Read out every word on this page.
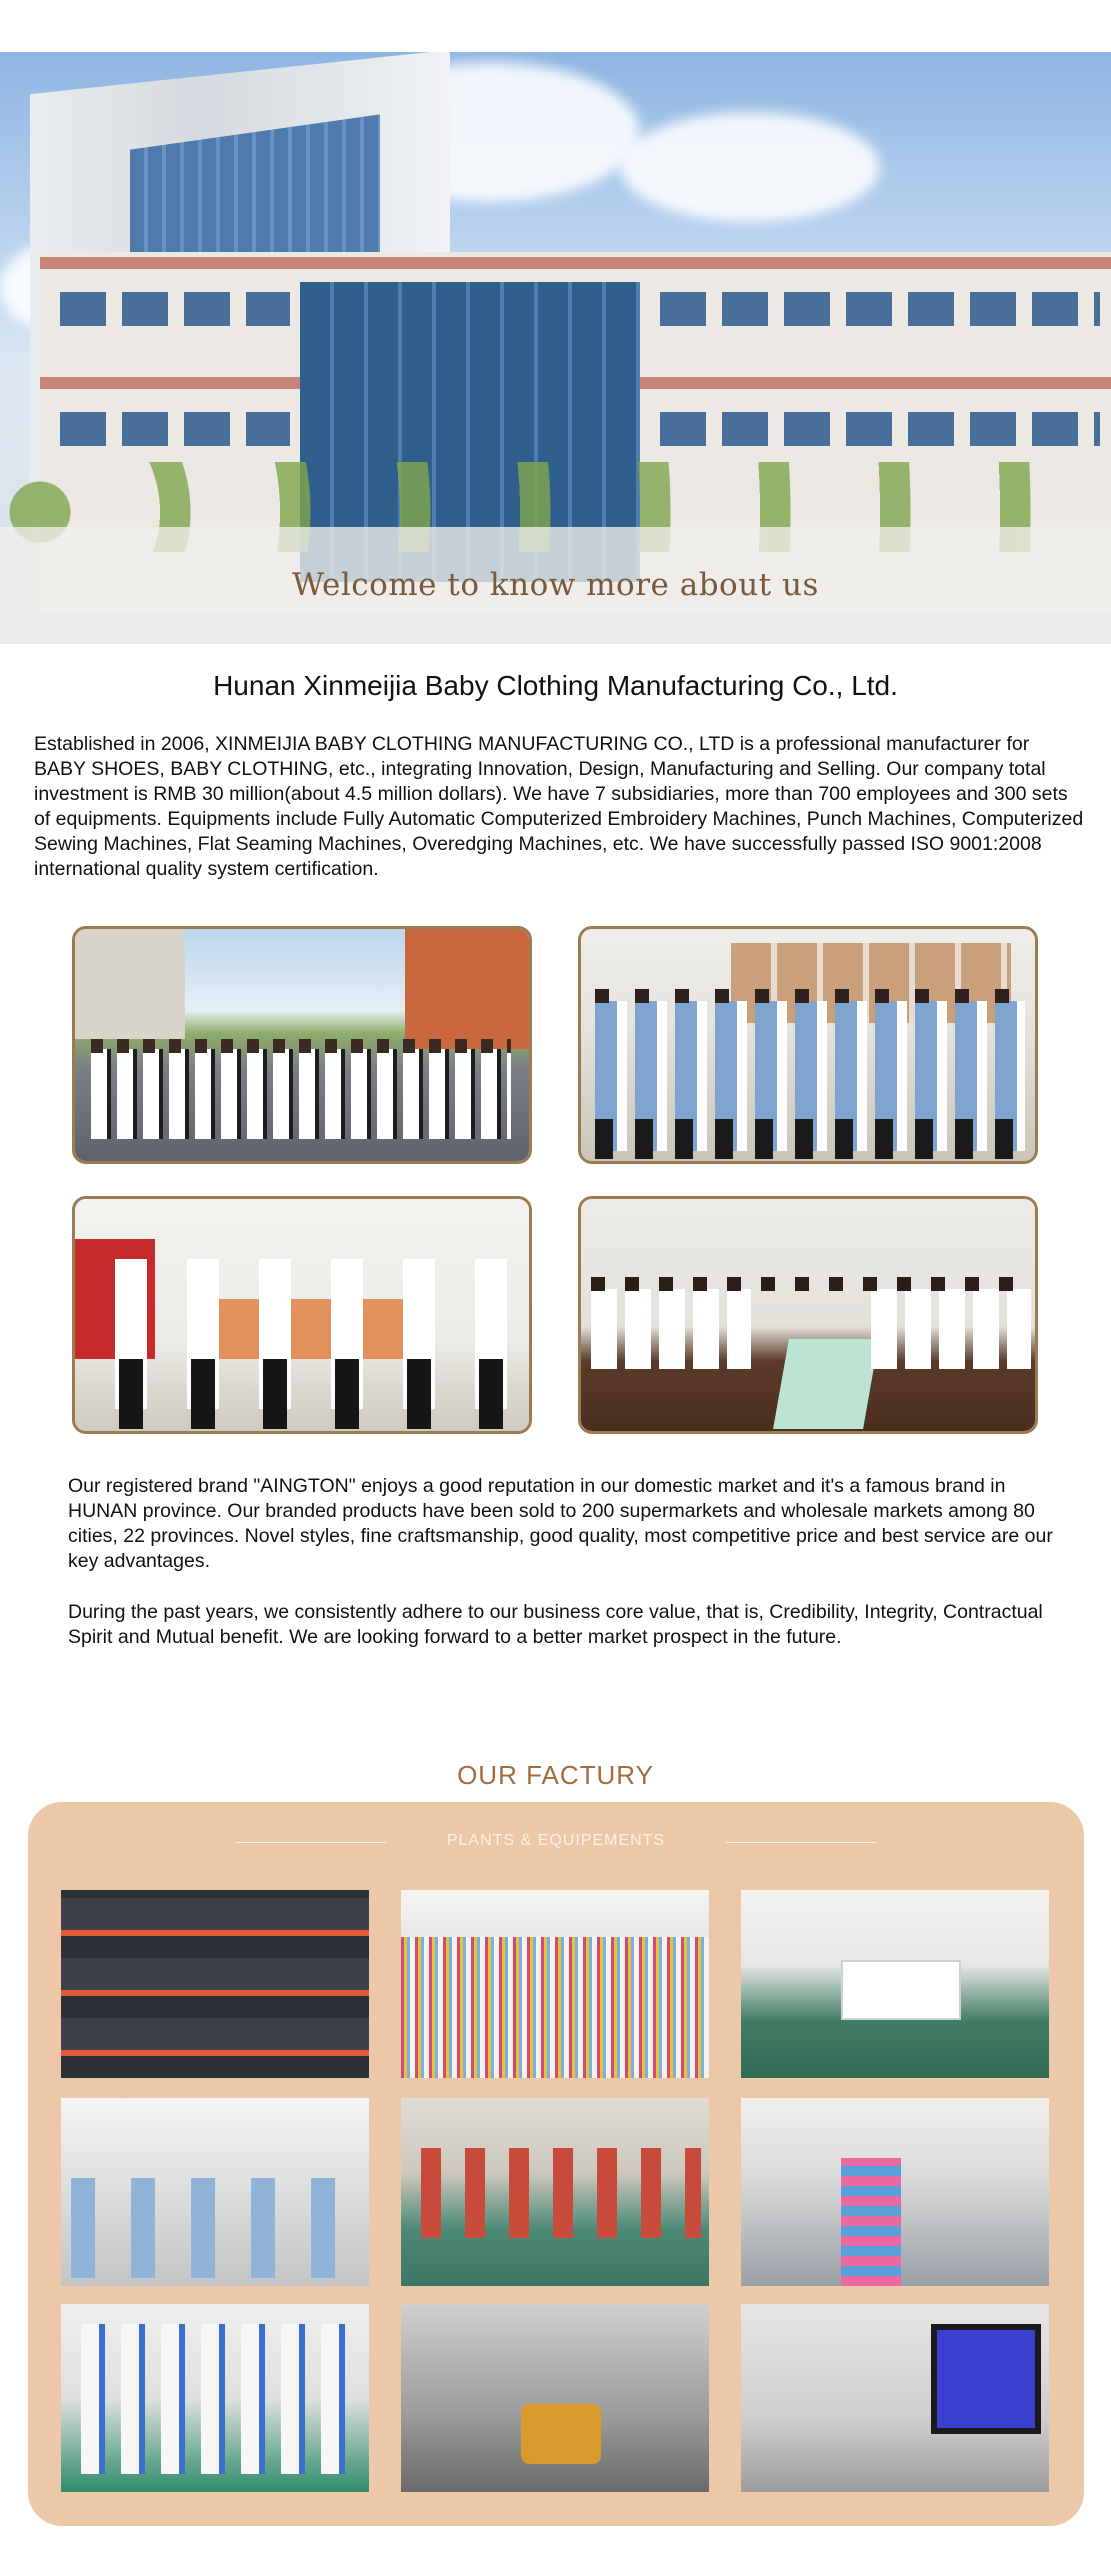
Welcome to know more about us
Hunan Xinmeijia Baby Clothing Manufacturing Co., Ltd.

Established in 2006, XINMEIJIA BABY CLOTHING MANUFACTURING CO., LTD is a professional manufacturer for BABY SHOES, BABY CLOTHING, etc., integrating Innovation, Design, Manufacturing and Selling. Our company total investment is RMB 30 million(about 4.5 million dollars). We have 7 subsidiaries, more than 700 employees and 300 sets of equipments. Equipments include Fully Automatic Computerized Embroidery Machines, Punch Machines, Computerized Sewing Machines, Flat Seaming Machines, Overedging Machines, etc. We have successfully passed ISO 9001:2008 international quality system certification.

Our registered brand "AINGTON" enjoys a good reputation in our domestic market and it's a famous brand in HUNAN province. Our branded products have been sold to 200 supermarkets and wholesale markets among 80 cities, 22 provinces. Novel styles, fine craftsmanship, good quality, most competitive price and best service are our key advantages.

During the past years, we consistently adhere to our business core value, that is, Credibility, Integrity, Contractual Spirit and Mutual benefit. We are looking forward to a better market prospect in the future.

OUR FACTURY
PLANTS & EQUIPEMENTS
